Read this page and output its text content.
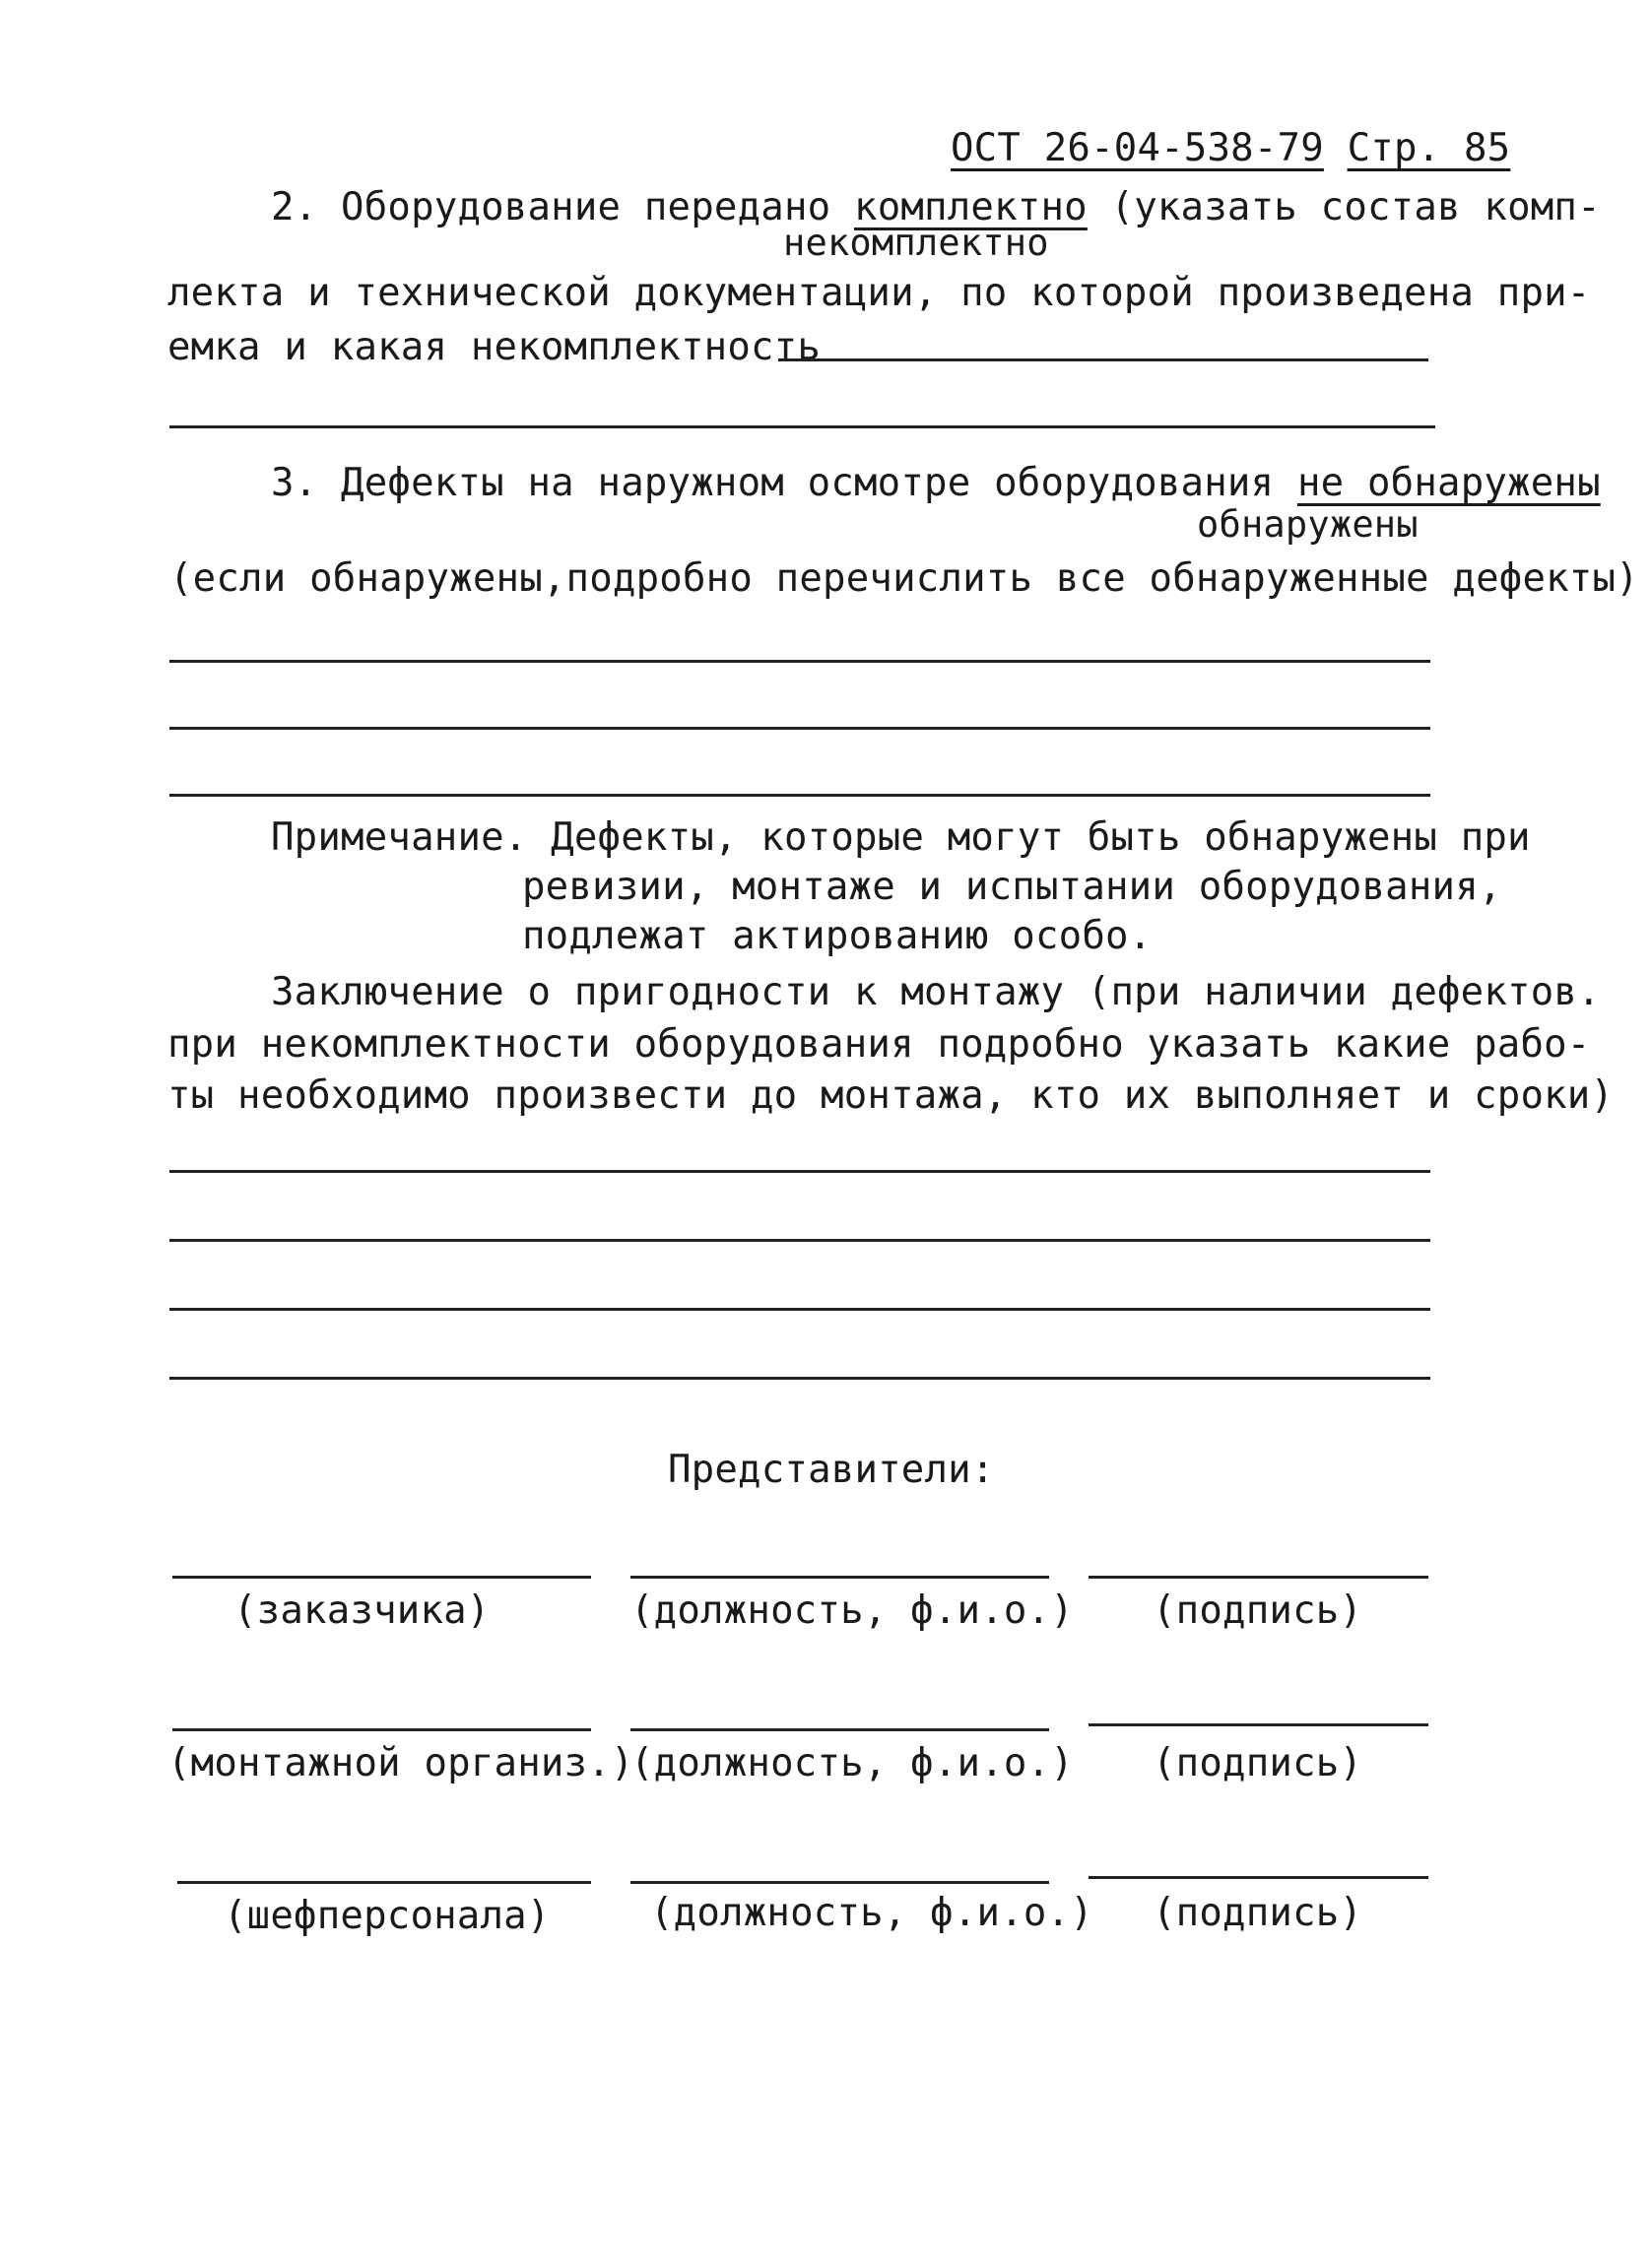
ОСТ 26-04-538-79 Стр. 85
2. Оборудование передано комплектно (указать состав комп-
некомплектно
лекта и технической документации, по которой произведена при-
емка и какая некомплектность
3. Дефекты на наружном осмотре оборудования не обнаружены
обнаружены
(если обнаружены,подробно перечислить все обнаруженные дефекты)
Примечание. Дефекты, которые могут быть обнаружены при
ревизии, монтаже и испытании оборудования,
подлежат актированию особо.
Заключение о пригодности к монтажу (при наличии дефектов.
при некомплектности оборудования подробно указать какие рабо-
ты необходимо произвести до монтажа, кто их выполняет и сроки)
Представители:
(заказчика)	(должность, ф.и.о.) (подпись)
(монтажной организ.)
(должность, ф.и.о.) (подпись)
(шефперсонала)	(должность, ф.и.о.) (подпись)
